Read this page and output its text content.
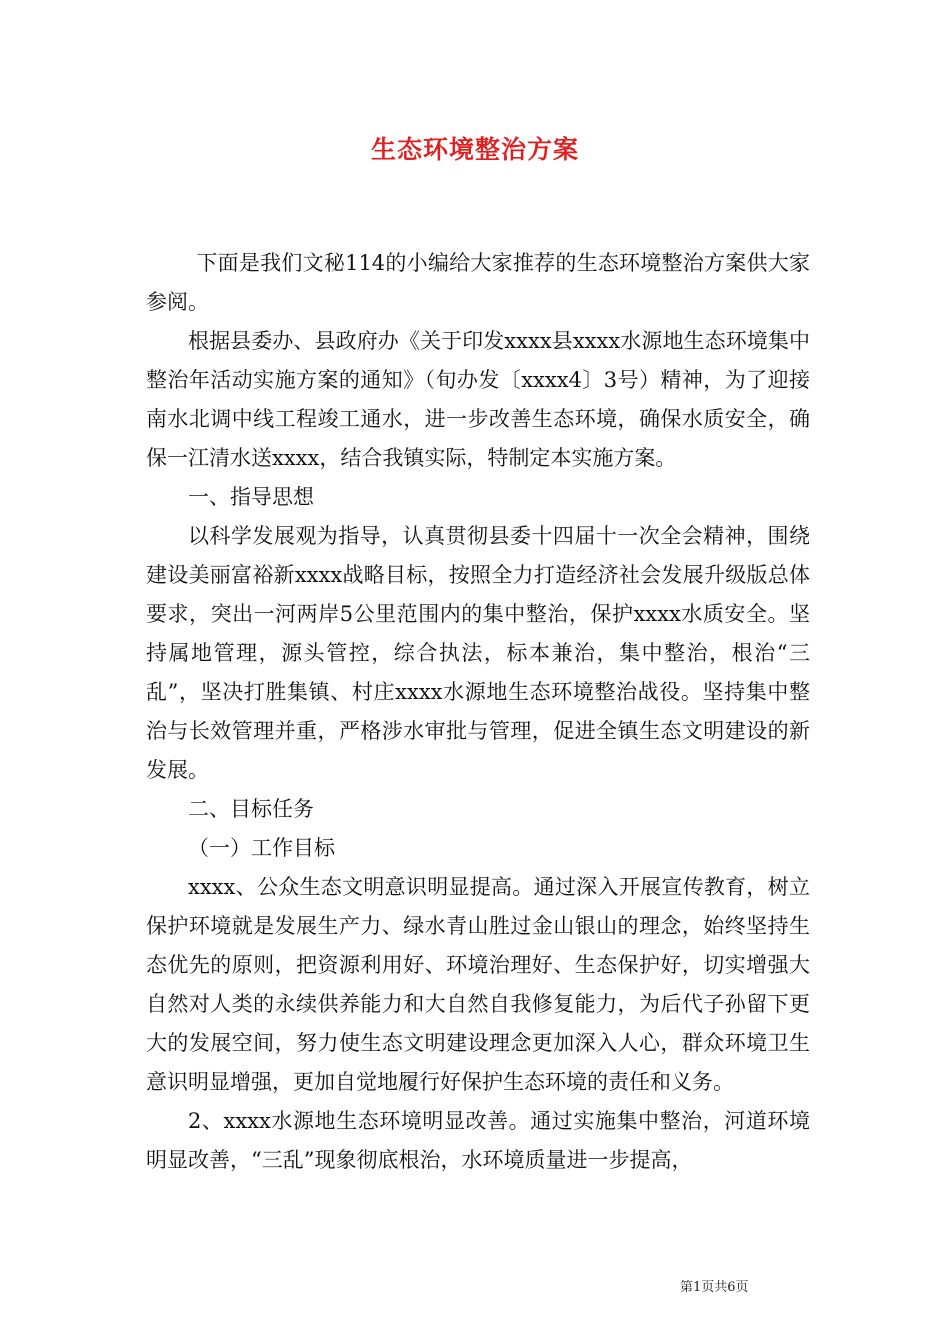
生态环境整治方案

下面是我们文秘114的小编给大家推荐的生态环境整治方案供大家参阅。

根据县委办、县政府办《关于印发xxxx县xxxx水源地生态环境集中整治年活动实施方案的通知》（旬办发〔xxxx4〕3号）精神，为了迎接南水北调中线工程竣工通水，进一步改善生态环境，确保水质安全，确保一江清水送xxxx，结合我镇实际，特制定本实施方案。

一、指导思想

以科学发展观为指导，认真贯彻县委十四届十一次全会精神，围绕建设美丽富裕新xxxx战略目标，按照全力打造经济社会发展升级版总体要求，突出一河两岸5公里范围内的集中整治，保护xxxx水质安全。坚持属地管理，源头管控，综合执法，标本兼治，集中整治，根治“三乱”，坚决打胜集镇、村庄xxxx水源地生态环境整治战役。坚持集中整治与长效管理并重，严格涉水审批与管理，促进全镇生态文明建设的新发展。

二、目标任务

（一）工作目标

xxxx、公众生态文明意识明显提高。通过深入开展宣传教育，树立保护环境就是发展生产力、绿水青山胜过金山银山的理念，始终坚持生态优先的原则，把资源利用好、环境治理好、生态保护好，切实增强大自然对人类的永续供养能力和大自然自我修复能力，为后代子孙留下更大的发展空间，努力使生态文明建设理念更加深入人心，群众环境卫生意识明显增强，更加自觉地履行好保护生态环境的责任和义务。

2、xxxx水源地生态环境明显改善。通过实施集中整治，河道环境明显改善，“三乱”现象彻底根治，水环境质量进一步提高，

第1页共6页
